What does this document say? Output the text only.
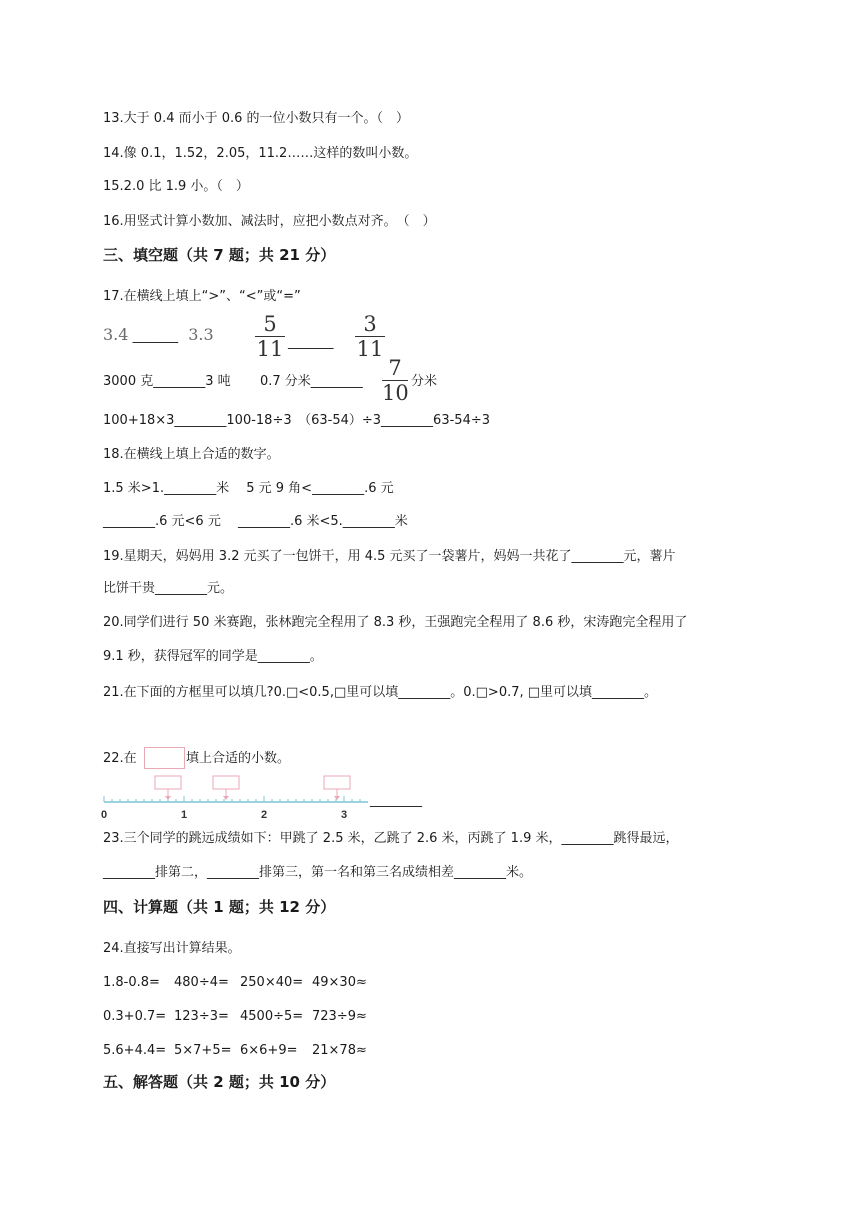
13.大于 0.4 而小于 0.6 的一位小数只有一个。（　）
14.像 0.1，1.52，2.05，11.2……这样的数叫小数。
15.2.0 比 1.9 小。（　）
16.用竖式计算小数加、减法时，应把小数点对齐。　（　）
三、填空题（共 7 题；共 21 分）
17.在横线上填上“>”、“<”或“=”
3.4 _______ 3.3	5
11 _______
3
11
3000 克________3 吨 0.7 分米________
7
10 分米
100+18×3________100-18÷3　（63-54）÷3________63-54÷3
18.在横线上填上合适的数字。
1.5 米>1.________米　 5 元 9 角<________.6 元
________.6 元<6 元　 ________.6 米<5.________米
19.星期天，妈妈用 3.2 元买了一包饼干，用 4.5 元买了一袋薯片，妈妈一共花了________元，薯片
比饼干贵________元。
20.同学们进行 50 米赛跑，张林跑完全程用了 8.3 秒，王强跑完全程用了 8.6 秒，宋涛跑完全程用了
9.1 秒，获得冠军的同学是________。
21.在下面的方框里可以填几?0.□<0.5,□里可以填________。0.□>0.7, □里可以填________。
22.在	填上合适的小数。
0	1	2	3
________
23.三个同学的跳远成绩如下：甲跳了 2.5 米，乙跳了 2.6 米，丙跳了 1.9 米，________跳得最远，
________排第二，________排第三，第一名和第三名成绩相差________米。
四、计算题（共 1 题；共 12 分）
24.直接写出计算结果。
1.8-0.8= 480÷4= 250×40= 49×30≈
0.3+0.7= 123÷3= 4500÷5= 723÷9≈
5.6+4.4= 5×7+5= 6×6+9= 21×78≈
五、解答题（共 2 题；共 10 分）
